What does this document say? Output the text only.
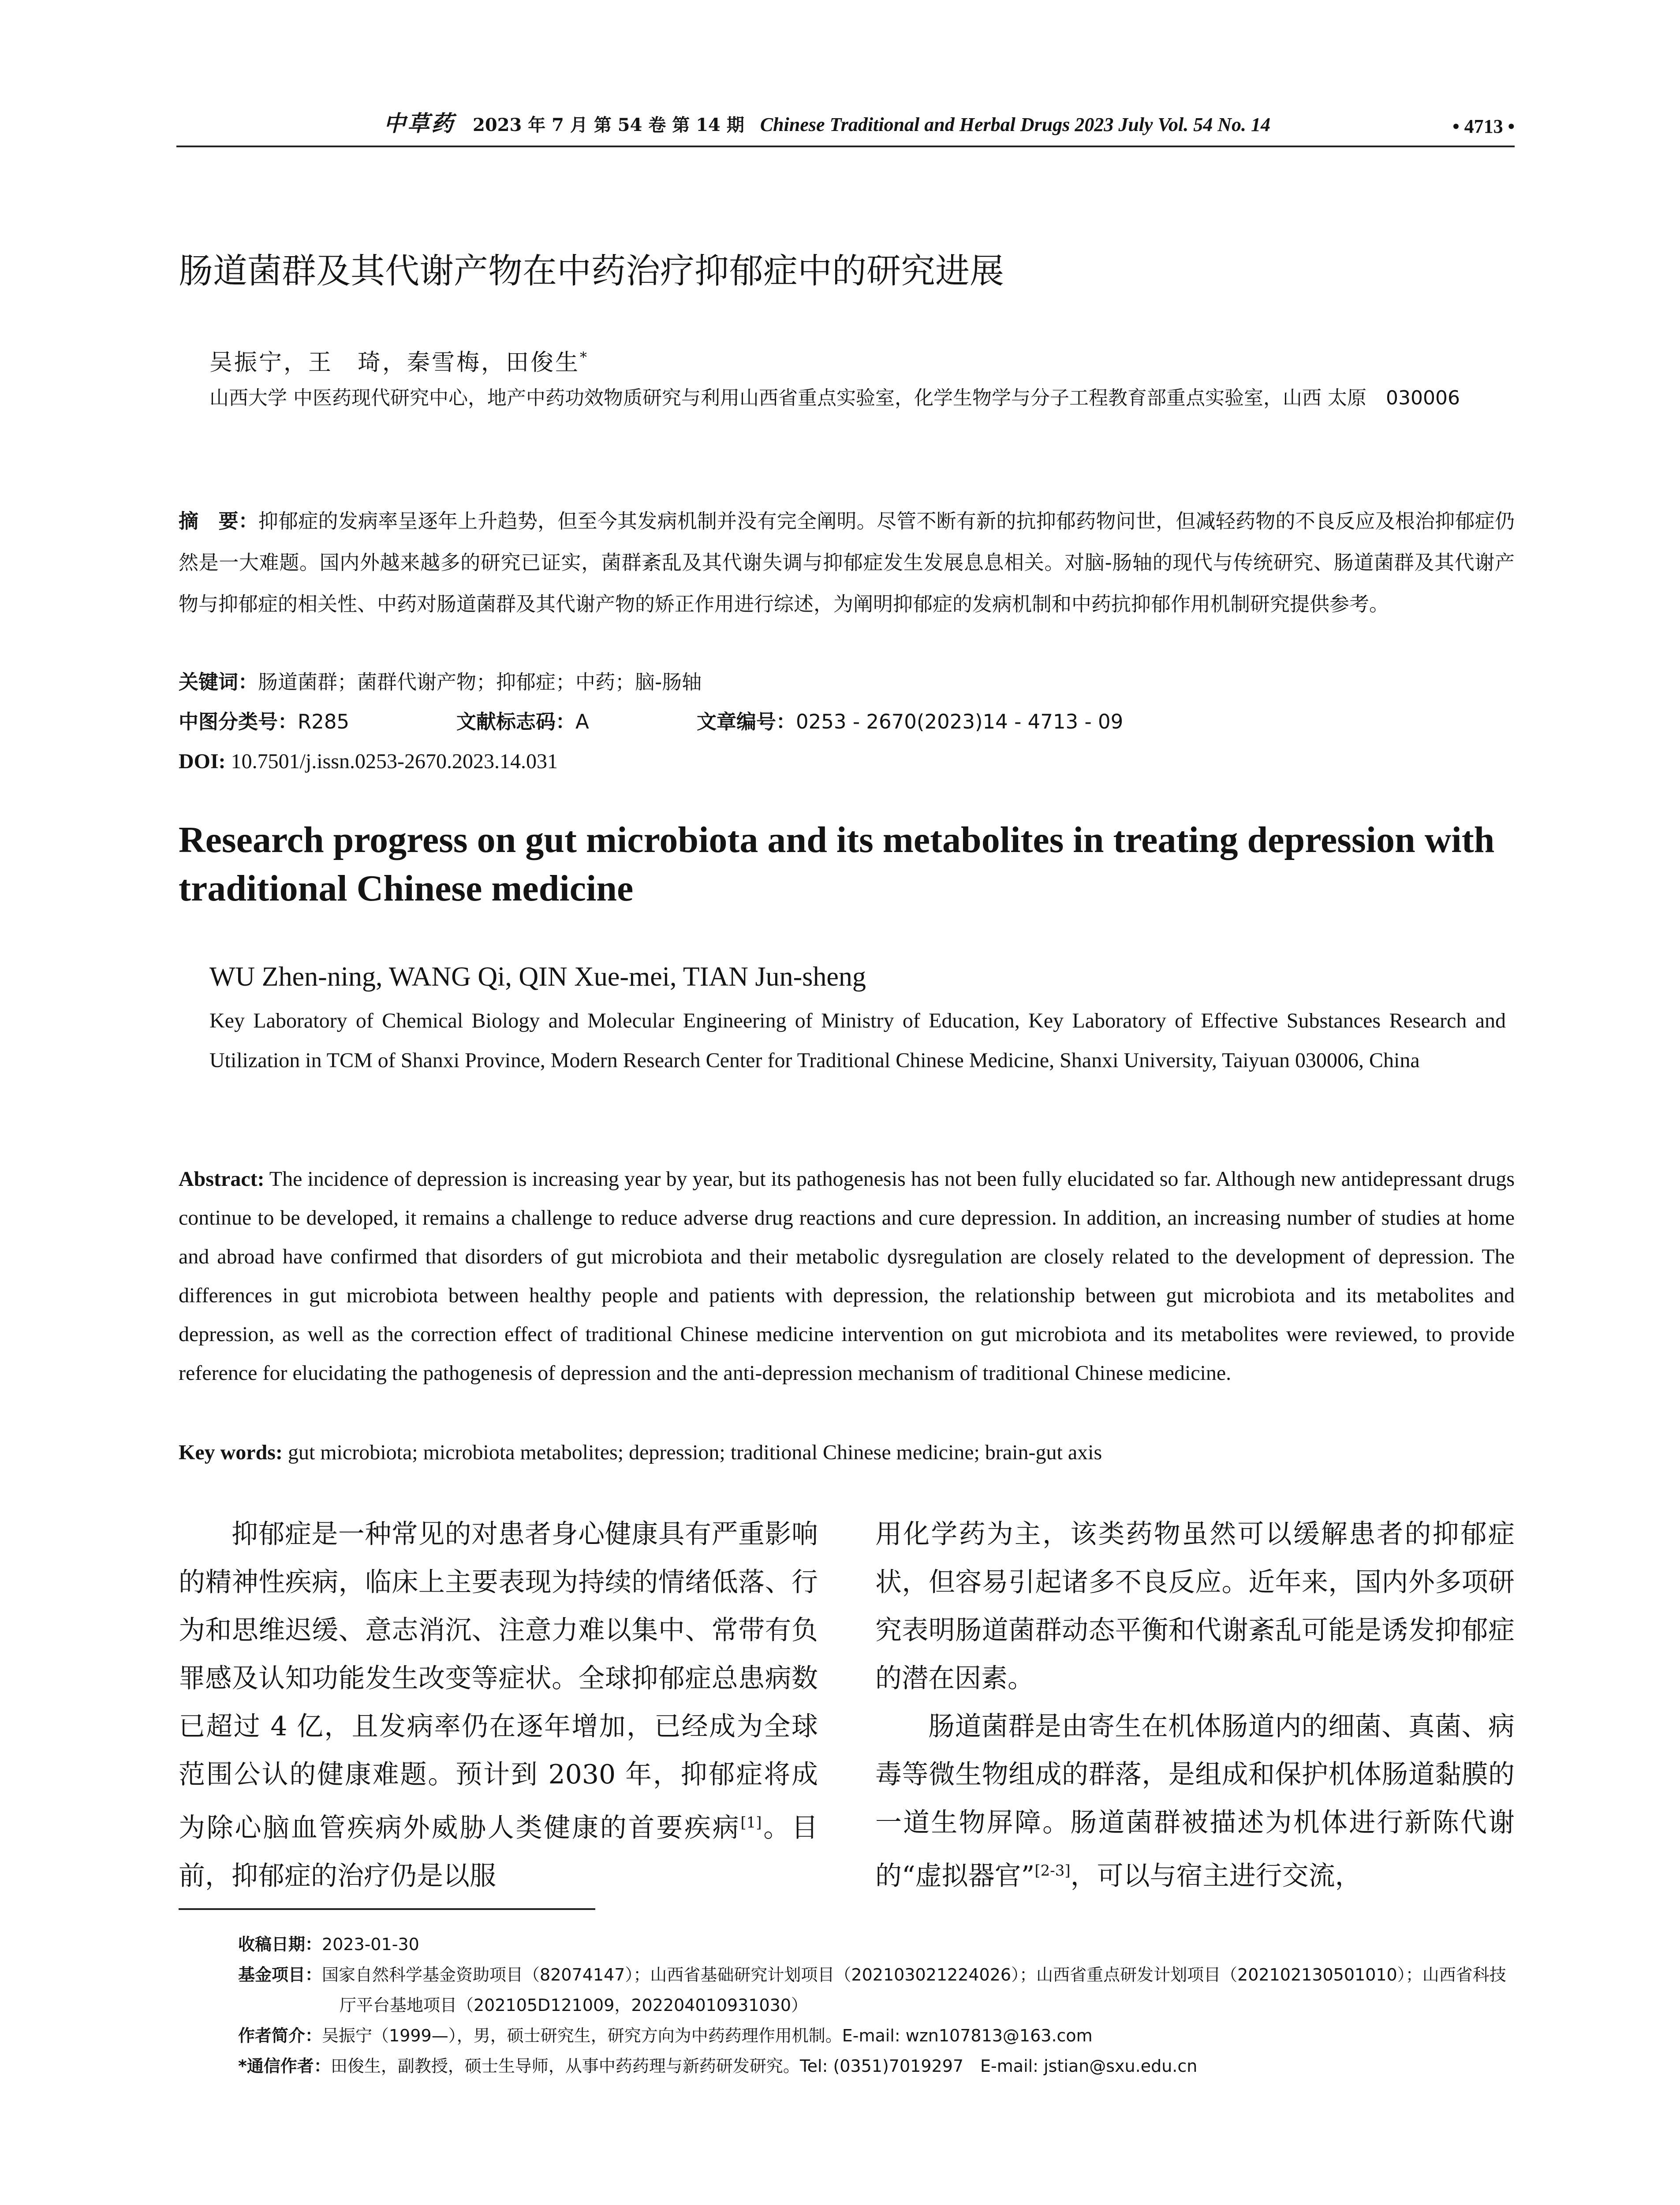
中草药 2023 年 7 月 第 54 卷 第 14 期 Chinese Traditional and Herbal Drugs 2023 July Vol. 54 No. 14	• 4713 •
肠道菌群及其代谢产物在中药治疗抑郁症中的研究进展
吴振宁，王　琦，秦雪梅，田俊生*
山西大学 中医药现代研究中心，地产中药功效物质研究与利用山西省重点实验室，化学生物学与分子工程教育部重点实验室，山西 太原　030006
摘　要：抑郁症的发病率呈逐年上升趋势，但至今其发病机制并没有完全阐明。尽管不断有新的抗抑郁药物问世，但减轻药物的不良反应及根治抑郁症仍然是一大难题。国内外越来越多的研究已证实，菌群紊乱及其代谢失调与抑郁症发生发展息息相关。对脑-肠轴的现代与传统研究、肠道菌群及其代谢产物与抑郁症的相关性、中药对肠道菌群及其代谢产物的矫正作用进行综述，为阐明抑郁症的发病机制和中药抗抑郁作用机制研究提供参考。
关键词：肠道菌群；菌群代谢产物；抑郁症；中药；脑-肠轴
中图分类号：R285	文献标志码：A	文章编号：0253 - 2670(2023)14 - 4713 - 09
DOI: 10.7501/j.issn.0253-2670.2023.14.031
Research progress on gut microbiota and its metabolites in treating depression with traditional Chinese medicine
WU Zhen-ning, WANG Qi, QIN Xue-mei, TIAN Jun-sheng
Key Laboratory of Chemical Biology and Molecular Engineering of Ministry of Education, Key Laboratory of Effective Substances Research and Utilization in TCM of Shanxi Province, Modern Research Center for Traditional Chinese Medicine, Shanxi University, Taiyuan 030006, China
Abstract: The incidence of depression is increasing year by year, but its pathogenesis has not been fully elucidated so far. Although new antidepressant drugs continue to be developed, it remains a challenge to reduce adverse drug reactions and cure depression. In addition, an increasing number of studies at home and abroad have confirmed that disorders of gut microbiota and their metabolic dysregulation are closely related to the development of depression. The differences in gut microbiota between healthy people and patients with depression, the relationship between gut microbiota and its metabolites and depression, as well as the correction effect of traditional Chinese medicine intervention on gut microbiota and its metabolites were reviewed, to provide reference for elucidating the pathogenesis of depression and the anti-depression mechanism of traditional Chinese medicine.
Key words: gut microbiota; microbiota metabolites; depression; traditional Chinese medicine; brain-gut axis

抑郁症是一种常见的对患者身心健康具有严重影响的精神性疾病，临床上主要表现为持续的情绪低落、行为和思维迟缓、意志消沉、注意力难以集中、常带有负罪感及认知功能发生改变等症状。全球抑郁症总患病数已超过 4 亿，且发病率仍在逐年增加，已经成为全球范围公认的健康难题。预计到 2030 年，抑郁症将成为除心脑血管疾病外威胁人类健康的首要疾病[1]。目前，抑郁症的治疗仍是以服

用化学药为主，该类药物虽然可以缓解患者的抑郁症状，但容易引起诸多不良反应。近年来，国内外多项研究表明肠道菌群动态平衡和代谢紊乱可能是诱发抑郁症的潜在因素。

肠道菌群是由寄生在机体肠道内的细菌、真菌、病毒等微生物组成的群落，是组成和保护机体肠道黏膜的一道生物屏障。肠道菌群被描述为机体进行新陈代谢的“虚拟器官”[2-3]，可以与宿主进行交流，

收稿日期：2023-01-30

基金项目：国家自然科学基金资助项目（82074147）；山西省基础研究计划项目（202103021224026）；山西省重点研发计划项目（202102130501010）；山西省科技厅平台基地项目（202105D121009，202204010931030）

作者简介：吴振宁（1999—），男，硕士研究生，研究方向为中药药理作用机制。E-mail: wzn107813@163.com

*通信作者：田俊生，副教授，硕士生导师，从事中药药理与新药研发研究。Tel: (0351)7019297　E-mail: jstian@sxu.edu.cn
